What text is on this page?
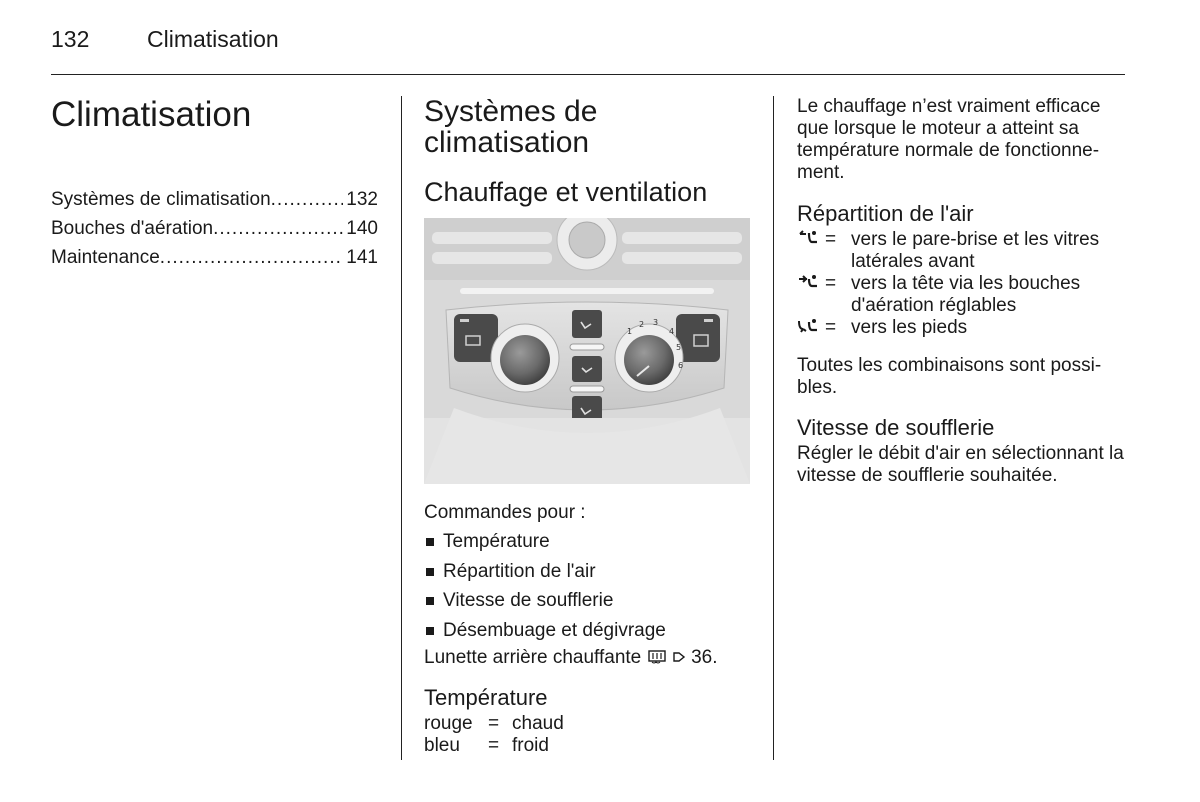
132	Climatisation
Climatisation
Systèmes de climatisation .....	132
Bouches d'aération .....	140
Maintenance .....	141
Systèmes de climatisation
Chauffage et ventilation
1
2 3
4
5
6
Commandes pour :
Température
Répartition de l'air
Vitesse de soufflerie
Désembuage et dégivrage
Lunette arrière chauffante	36.
Température
rouge	=	chaud
bleu	=	froid
Le chauffage n’est vraiment efficace que lorsque le moteur a atteint sa température normale de fonctionne-ment.
Répartition de l'air
= vers le pare-brise et les vitres
latérales avant
= vers la tête via les bouches
d'aération réglables
= vers les pieds
Toutes les combinaisons sont possi-bles.
Vitesse de soufflerie
Régler le débit d'air en sélectionnant la vitesse de soufflerie souhaitée.
